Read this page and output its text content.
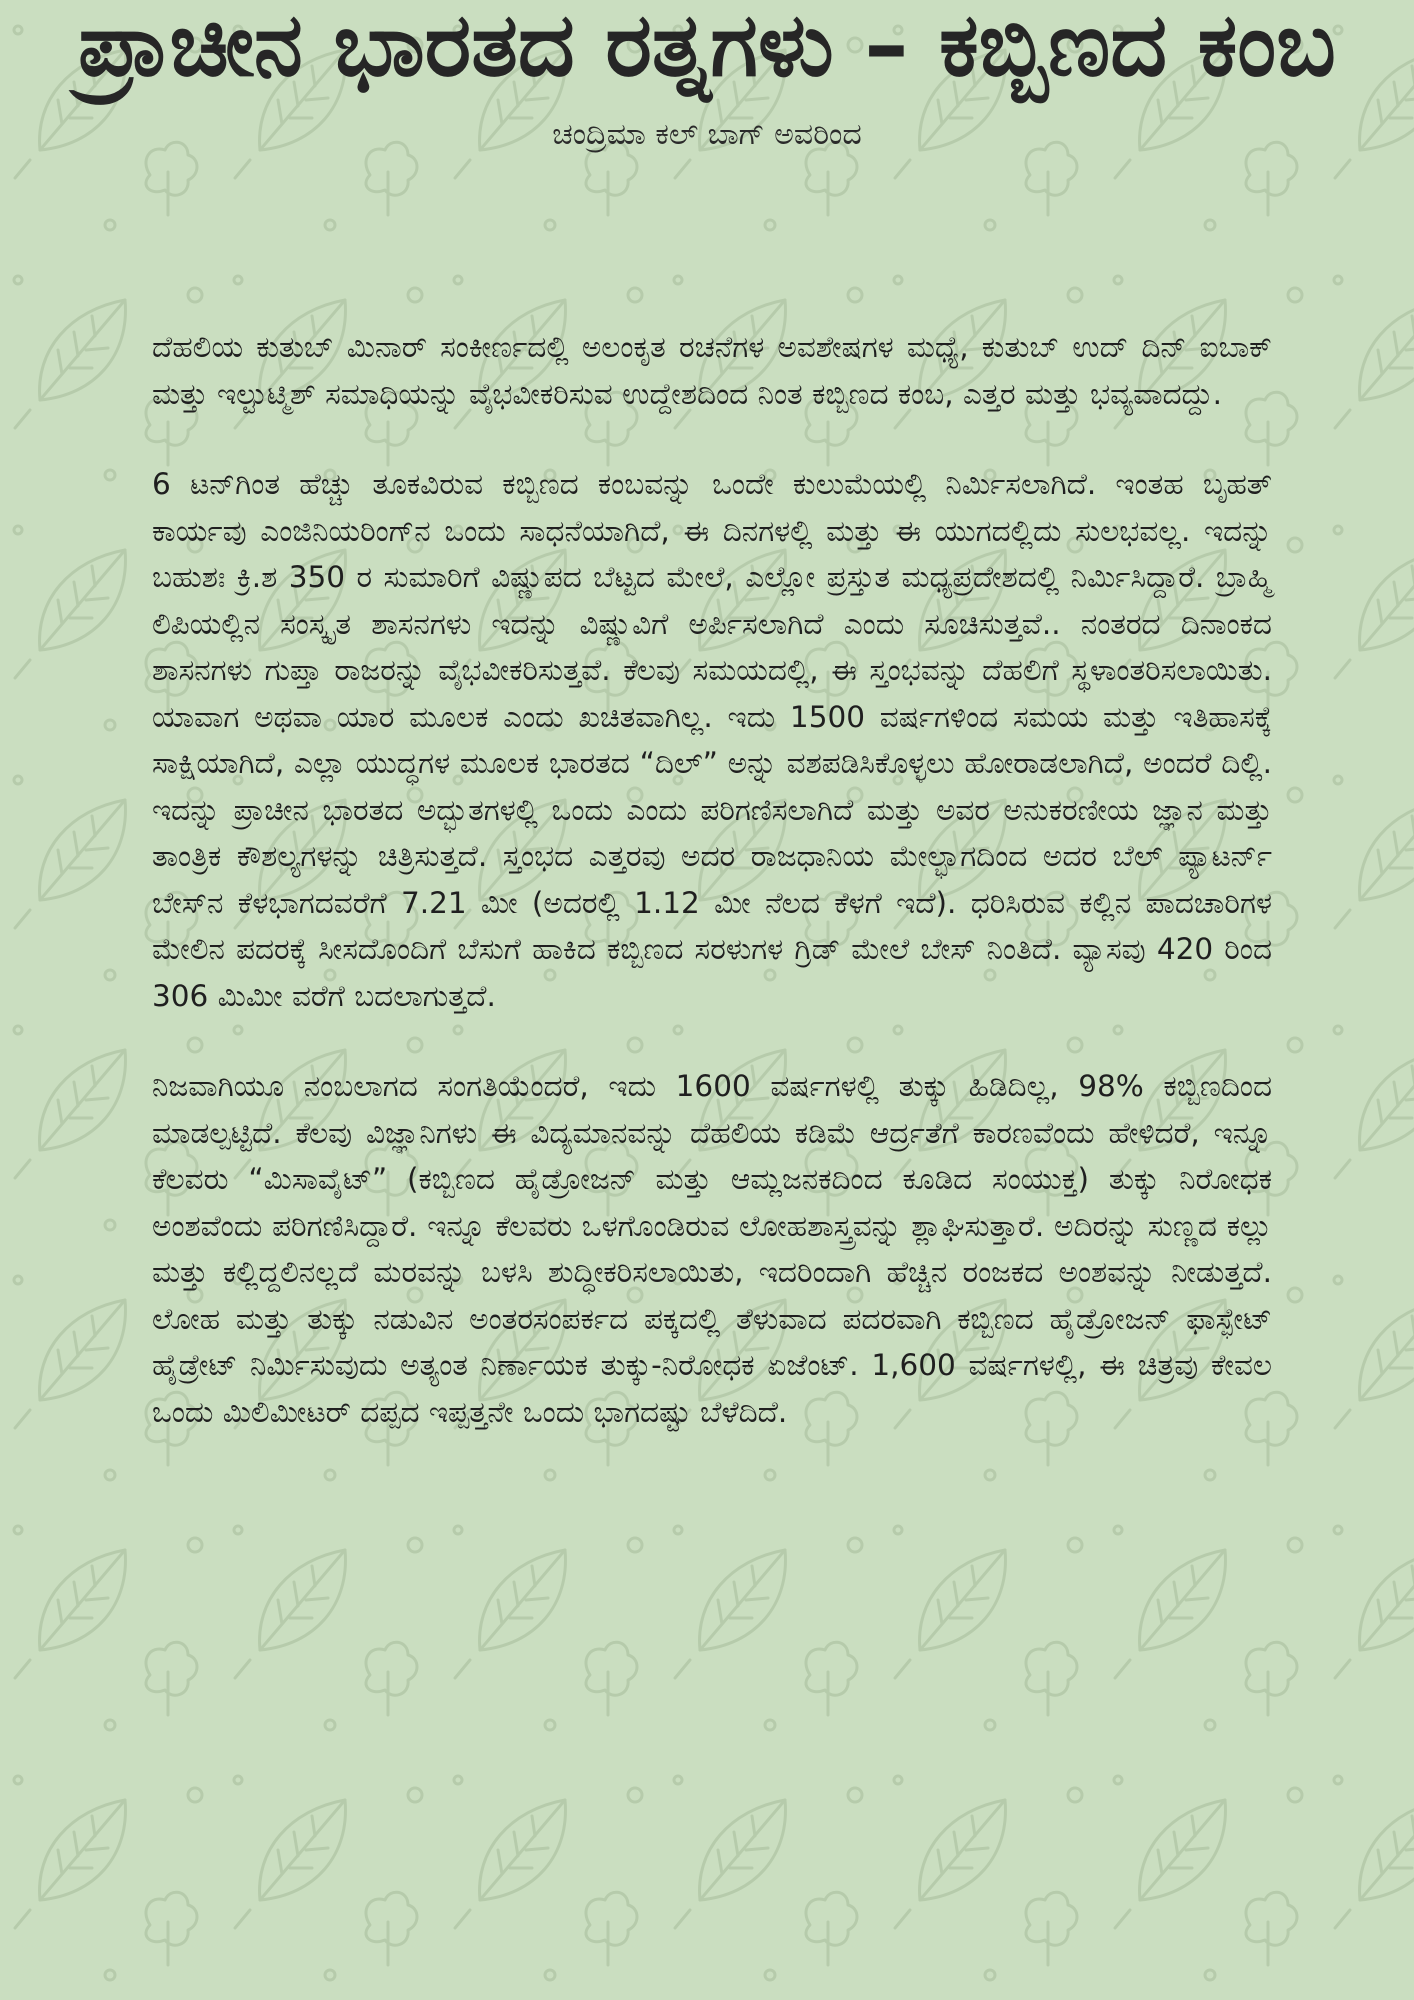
ಪ್ರಾಚೀನ ಭಾರತದ ರತ್ನಗಳು – ಕಬ್ಬಿಣದ ಕಂಬ

ಚಂದ್ರಿಮಾ ಕಲ್ ಬಾಗ್ ಅವರಿಂದ

ದೆಹಲಿಯ ಕುತುಬ್ ಮಿನಾರ್ ಸಂಕೀರ್ಣದಲ್ಲಿ ಅಲಂಕೃತ ರಚನೆಗಳ ಅವಶೇಷಗಳ ಮಧ್ಯೆ, ಕುತುಬ್ ಉದ್ ದಿನ್ ಐಬಾಕ್ ಮತ್ತು ಇಲ್ಟುಟ್ಮಿಶ್ ಸಮಾಧಿಯನ್ನು ವೈಭವೀಕರಿಸುವ ಉದ್ದೇಶದಿಂದ ನಿಂತ ಕಬ್ಬಿಣದ ಕಂಬ, ಎತ್ತರ ಮತ್ತು ಭವ್ಯವಾದದ್ದು.

6 ಟನ್‌ಗಿಂತ ಹೆಚ್ಚು ತೂಕವಿರುವ ಕಬ್ಬಿಣದ ಕಂಬವನ್ನು ಒಂದೇ ಕುಲುಮೆಯಲ್ಲಿ ನಿರ್ಮಿಸಲಾಗಿದೆ. ಇಂತಹ ಬೃಹತ್ ಕಾರ್ಯವು ಎಂಜಿನಿಯರಿಂಗ್‌ನ ಒಂದು ಸಾಧನೆಯಾಗಿದೆ, ಈ ದಿನಗಳಲ್ಲಿ ಮತ್ತು ಈ ಯುಗದಲ್ಲಿದು ಸುಲಭವಲ್ಲ. ಇದನ್ನು ಬಹುಶಃ ಕ್ರಿ.ಶ 350 ರ ಸುಮಾರಿಗೆ ವಿಷ್ಣುಪದ ಬೆಟ್ಟದ ಮೇಲೆ, ಎಲ್ಲೋ ಪ್ರಸ್ತುತ ಮಧ್ಯಪ್ರದೇಶದಲ್ಲಿ ನಿರ್ಮಿಸಿದ್ದಾರೆ. ಬ್ರಾಹ್ಮಿ ಲಿಪಿಯಲ್ಲಿನ ಸಂಸ್ಕೃತ ಶಾಸನಗಳು ಇದನ್ನು ವಿಷ್ಣುವಿಗೆ ಅರ್ಪಿಸಲಾಗಿದೆ ಎಂದು ಸೂಚಿಸುತ್ತವೆ.. ನಂತರದ ದಿನಾಂಕದ ಶಾಸನಗಳು ಗುಪ್ತಾ ರಾಜರನ್ನು ವೈಭವೀಕರಿಸುತ್ತವೆ. ಕೆಲವು ಸಮಯದಲ್ಲಿ, ಈ ಸ್ತಂಭವನ್ನು ದೆಹಲಿಗೆ ಸ್ಥಳಾಂತರಿಸಲಾಯಿತು. ಯಾವಾಗ ಅಥವಾ ಯಾರ ಮೂಲಕ ಎಂದು ಖಚಿತವಾಗಿಲ್ಲ. ಇದು 1500 ವರ್ಷಗಳಿಂದ ಸಮಯ ಮತ್ತು ಇತಿಹಾಸಕ್ಕೆ ಸಾಕ್ಷಿಯಾಗಿದೆ, ಎಲ್ಲಾ ಯುದ್ಧಗಳ ಮೂಲಕ ಭಾರತದ “ದಿಲ್” ಅನ್ನು ವಶಪಡಿಸಿಕೊಳ್ಳಲು ಹೋರಾಡಲಾಗಿದೆ, ಅಂದರೆ ದಿಲ್ಲಿ. ಇದನ್ನು ಪ್ರಾಚೀನ ಭಾರತದ ಅದ್ಭುತಗಳಲ್ಲಿ ಒಂದು ಎಂದು ಪರಿಗಣಿಸಲಾಗಿದೆ ಮತ್ತು ಅವರ ಅನುಕರಣೀಯ ಜ್ಞಾನ ಮತ್ತು ತಾಂತ್ರಿಕ ಕೌಶಲ್ಯಗಳನ್ನು ಚಿತ್ರಿಸುತ್ತದೆ. ಸ್ತಂಭದ ಎತ್ತರವು ಅದರ ರಾಜಧಾನಿಯ ಮೇಲ್ಭಾಗದಿಂದ ಅದರ ಬೆಲ್ ಪ್ಯಾಟರ್ನ್ ಬೇಸ್‌ನ ಕೆಳಭಾಗದವರೆಗೆ 7.21 ಮೀ (ಅದರಲ್ಲಿ 1.12 ಮೀ ನೆಲದ ಕೆಳಗೆ ಇದೆ). ಧರಿಸಿರುವ ಕಲ್ಲಿನ ಪಾದಚಾರಿಗಳ ಮೇಲಿನ ಪದರಕ್ಕೆ ಸೀಸದೊಂದಿಗೆ ಬೆಸುಗೆ ಹಾಕಿದ ಕಬ್ಬಿಣದ ಸರಳುಗಳ ಗ್ರಿಡ್ ಮೇಲೆ ಬೇಸ್ ನಿಂತಿದೆ. ವ್ಯಾಸವು 420 ರಿಂದ 306 ಮಿಮೀ ವರೆಗೆ ಬದಲಾಗುತ್ತದೆ.

ನಿಜವಾಗಿಯೂ ನಂಬಲಾಗದ ಸಂಗತಿಯೆಂದರೆ, ಇದು 1600 ವರ್ಷಗಳಲ್ಲಿ ತುಕ್ಕು ಹಿಡಿದಿಲ್ಲ, 98% ಕಬ್ಬಿಣದಿಂದ ಮಾಡಲ್ಪಟ್ಟಿದೆ. ಕೆಲವು ವಿಜ್ಞಾನಿಗಳು ಈ ವಿದ್ಯಮಾನವನ್ನು ದೆಹಲಿಯ ಕಡಿಮೆ ಆರ್ದ್ರತೆಗೆ ಕಾರಣವೆಂದು ಹೇಳಿದರೆ, ಇನ್ನೂ ಕೆಲವರು “ಮಿಸಾವೈಟ್” (ಕಬ್ಬಿಣದ ಹೈಡ್ರೋಜನ್ ಮತ್ತು ಆಮ್ಲಜನಕದಿಂದ ಕೂಡಿದ ಸಂಯುಕ್ತ) ತುಕ್ಕು ನಿರೋಧಕ ಅಂಶವೆಂದು ಪರಿಗಣಿಸಿದ್ದಾರೆ. ಇನ್ನೂ ಕೆಲವರು ಒಳಗೊಂಡಿರುವ ಲೋಹಶಾಸ್ತ್ರವನ್ನು ಶ್ಲಾಘಿಸುತ್ತಾರೆ. ಅದಿರನ್ನು ಸುಣ್ಣದ ಕಲ್ಲು ಮತ್ತು ಕಲ್ಲಿದ್ದಲಿನಲ್ಲದೆ ಮರವನ್ನು ಬಳಸಿ ಶುದ್ಧೀಕರಿಸಲಾಯಿತು, ಇದರಿಂದಾಗಿ ಹೆಚ್ಚಿನ ರಂಜಕದ ಅಂಶವನ್ನು ನೀಡುತ್ತದೆ. ಲೋಹ ಮತ್ತು ತುಕ್ಕು ನಡುವಿನ ಅಂತರಸಂಪರ್ಕದ ಪಕ್ಕದಲ್ಲಿ ತೆಳುವಾದ ಪದರವಾಗಿ ಕಬ್ಬಿಣದ ಹೈಡ್ರೋಜನ್ ಫಾಸ್ಫೇಟ್ ಹೈಡ್ರೇಟ್ ನಿರ್ಮಿಸುವುದು ಅತ್ಯಂತ ನಿರ್ಣಾಯಕ ತುಕ್ಕು-ನಿರೋಧಕ ಏಜೆಂಟ್. 1,600 ವರ್ಷಗಳಲ್ಲಿ, ಈ ಚಿತ್ರವು ಕೇವಲ ಒಂದು ಮಿಲಿಮೀಟರ್ ದಪ್ಪದ ಇಪ್ಪತ್ತನೇ ಒಂದು ಭಾಗದಷ್ಟು ಬೆಳೆದಿದೆ.
